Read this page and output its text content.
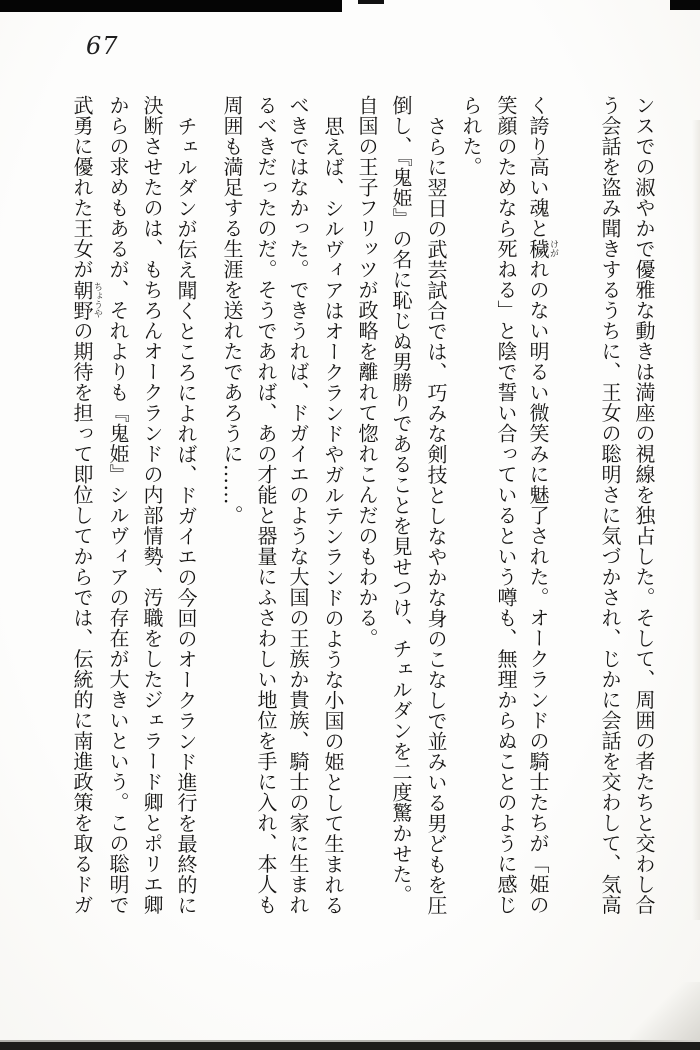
67
ンスでの淑やかで優雅な動きは満座の視線を独占した。そして、周囲の者たちと交わし合
う会話を盗み聞きするうちに、王女の聡明さに気づかされ、じかに会話を交わして、気高
く誇り高い魂と穢けがれのない明るい微笑みに魅了された。オークランドの騎士たちが「姫の
笑顔のためなら死ねる」と陰で誓い合っているという噂も、無理からぬことのように感じ
られた。
さらに翌日の武芸試合では、巧みな剣技としなやかな身のこなしで並みいる男どもを圧
倒し、『鬼姫』の名に恥じぬ男勝りであることを見せつけ、チェルダンを二度驚かせた。
自国の王子フリッツが政略を離れて惚れこんだのもわかる。
思えば、シルヴィアはオークランドやガルテンランドのような小国の姫として生まれる
べきではなかった。できうれば、ドガイエのような大国の王族か貴族、騎士の家に生まれ
るべきだったのだ。そうであれば、あの才能と器量にふさわしい地位を手に入れ、本人も
周囲も満足する生涯を送れたであろうに……。
チェルダンが伝え聞くところによれば、ドガイエの今回のオークランド進行を最終的に
決断させたのは、もちろんオークランドの内部情勢、汚職をしたジェラード卿とポリエ卿
からの求めもあるが、それよりも『鬼姫』シルヴィアの存在が大きいという。この聡明で
武勇に優れた王女が朝野ちょうやの期待を担って即位してからでは、伝統的に南進政策を取るドガ
